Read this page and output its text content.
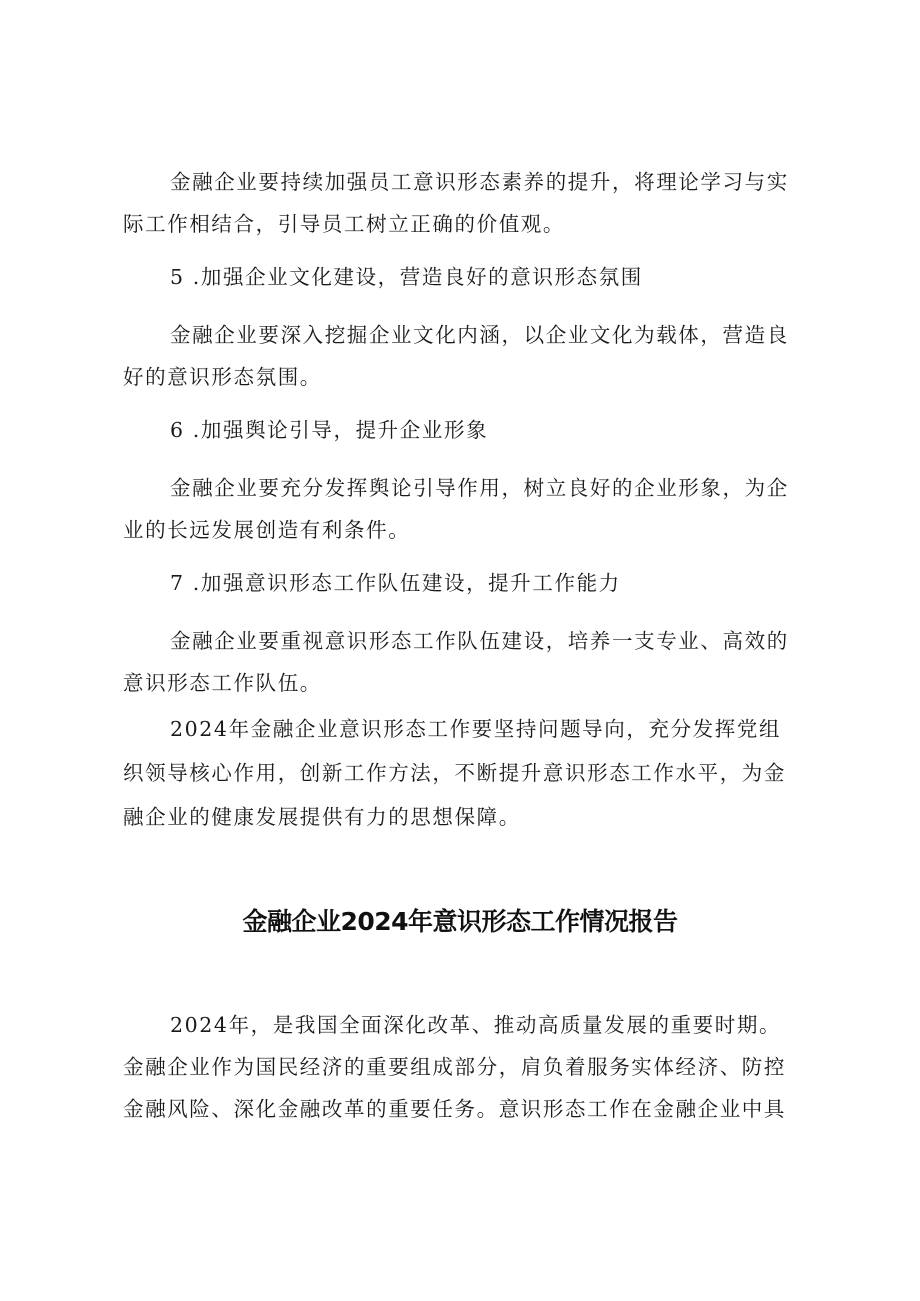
金融企业要持续加强员工意识形态素养的提升，将理论学习与实

际工作相结合，引导员工树立正确的价值观。

5 .加强企业文化建设，营造良好的意识形态氛围

金融企业要深入挖掘企业文化内涵，以企业文化为载体，营造良

好的意识形态氛围。

6 .加强舆论引导，提升企业形象

金融企业要充分发挥舆论引导作用，树立良好的企业形象，为企

业的长远发展创造有利条件。

7 .加强意识形态工作队伍建设，提升工作能力

金融企业要重视意识形态工作队伍建设，培养一支专业、高效的

意识形态工作队伍。

2024年金融企业意识形态工作要坚持问题导向，充分发挥党组

织领导核心作用，创新工作方法，不断提升意识形态工作水平，为金

融企业的健康发展提供有力的思想保障。

金融企业2024年意识形态工作情况报告

2024年，是我国全面深化改革、推动高质量发展的重要时期。

金融企业作为国民经济的重要组成部分，肩负着服务实体经济、防控

金融风险、深化金融改革的重要任务。意识形态工作在金融企业中具
